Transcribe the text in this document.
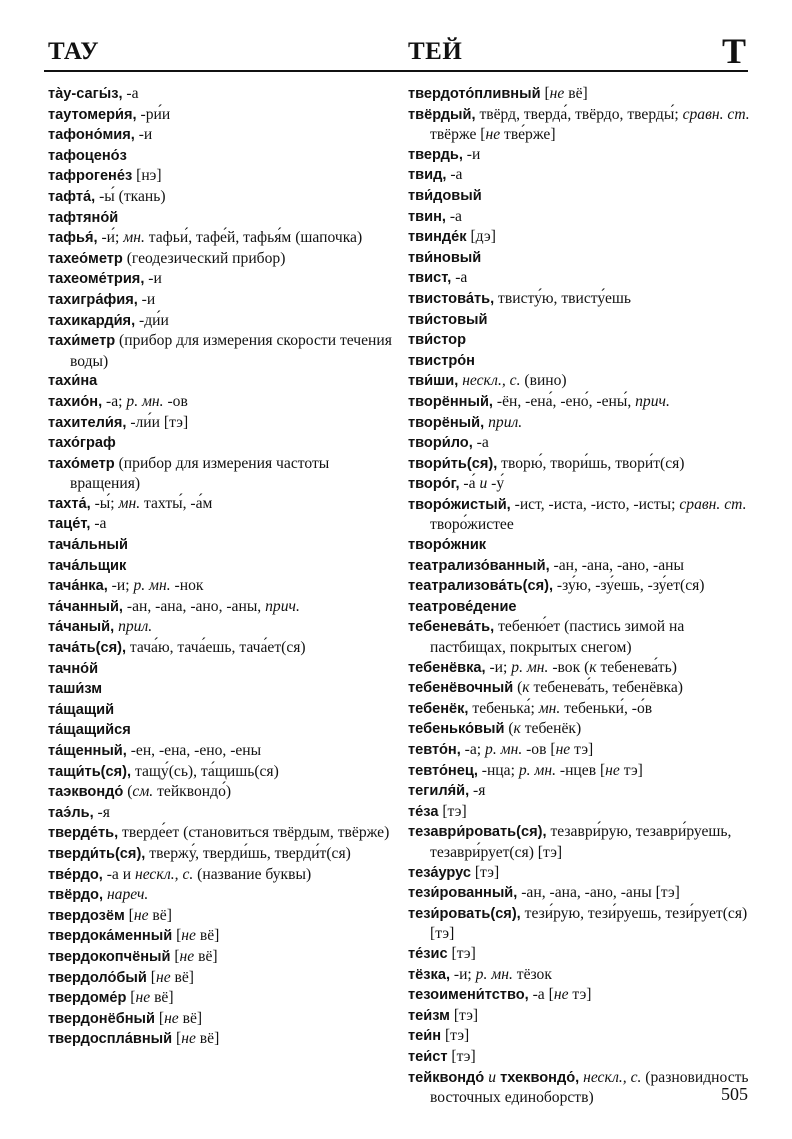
ТАУ	ТЕЙ	Т
та̀у-сагы́з, -а
таутомери́я, -ри́и
тафоно́мия, -и
тафоцено́з
тафрогене́з [нэ]
тафта́, -ы́ (ткань)
тафтяно́й
тафья́, -и́; мн. тафьи́, тафе́й, тафья́м (шапочка)
тахео́метр (геодезический прибор)
тахеоме́трия, -и
тахигра́фия, -и
тахикарди́я, -ди́и
тахи́метр (прибор для измерения скорости течения воды)
тахи́на
тахио́н, -а; р. мн. -ов
тахители́я, -ли́и [тэ]
тахо́граф
тахо́метр (прибор для измерения частоты вращения)
тахта́, -ы́; мн. тахты́, -а́м
таце́т, -а
тача́льный
тача́льщик
тача́нка, -и; р. мн. -нок
та́чанный, -ан, -ана, -ано, -аны, прич.
та́чаный, прил.
тача́ть(ся), тача́ю, тача́ешь, тача́ет(ся)
тачно́й
таши́зм
та́щащий
та́щащийся
та́щенный, -ен, -ена, -ено, -ены
тащи́ть(ся), тащу́(сь), та́щишь(ся)
таэквондо́ (см. тейквондо́)
таэ́ль, -я
тверде́ть, тверде́ет (становиться твёрдым, твёрже)
тверди́ть(ся), твержу́, тверди́шь, тверди́т(ся)
тве́рдо, -а и нескл., с. (название буквы)
твёрдо, нареч.
твердозём [не вё]
твердока́менный [не вё]
твердокопчёный [не вё]
твердоло́бый [не вё]
твердоме́р [не вё]
твердонёбный [не вё]
твердоспла́вный [не вё]
твердото́пливный [не вё]
твёрдый, твёрд, тверда́, твёрдо, тверды́; сравн. ст. твёрже [не тве́рже]
твердь, -и
твид, -а
тви́довый
твин, -а
твинде́к [дэ]
тви́новый
твист, -а
твистова́ть, твисту́ю, твисту́ешь
тви́стовый
тви́стор
твистро́н
тви́ши, нескл., с. (вино)
творённый, -ён, -ена́, -ено́, -ены́, прич.
творёный, прил.
твори́ло, -а
твори́ть(ся), творю́, твори́шь, твори́т(ся)
творо́г, -а́ и -у́
творо́жистый, -ист, -иста, -исто, -исты; сравн. ст. творо́жистее
творо́жник
театрализо́ванный, -ан, -ана, -ано, -аны
театрализова́ть(ся), -зу́ю, -зу́ешь, -зу́ет(ся)
театрове́дение
тебенева́ть, тебеню́ет (пастись зимой на пастбищах, покрытых снегом)
тебенёвка, -и; р. мн. -вок (к тебенева́ть)
тебенёвочный (к тебенева́ть, тебенёвка)
тебенёк, тебенька́; мн. тебеньки́, -о́в
тебенько́вый (к тебенёк)
тевто́н, -а; р. мн. -ов [не тэ]
тевто́нец, -нца; р. мн. -нцев [не тэ]
тегиля́й, -я
те́за [тэ]
тезаври́ровать(ся), тезаври́рую, тезаври́руешь, тезаври́рует(ся) [тэ]
теза́урус [тэ]
тези́рованный, -ан, -ана, -ано, -аны [тэ]
тези́ровать(ся), тези́рую, тези́руешь, тези́рует(ся) [тэ]
те́зис [тэ]
тёзка, -и; р. мн. тёзок
тезоимени́тство, -а [не тэ]
теи́зм [тэ]
теи́н [тэ]
теи́ст [тэ]
тейквондо́ и тхеквондо́, нескл., с. (разновидность восточных единоборств)	505
